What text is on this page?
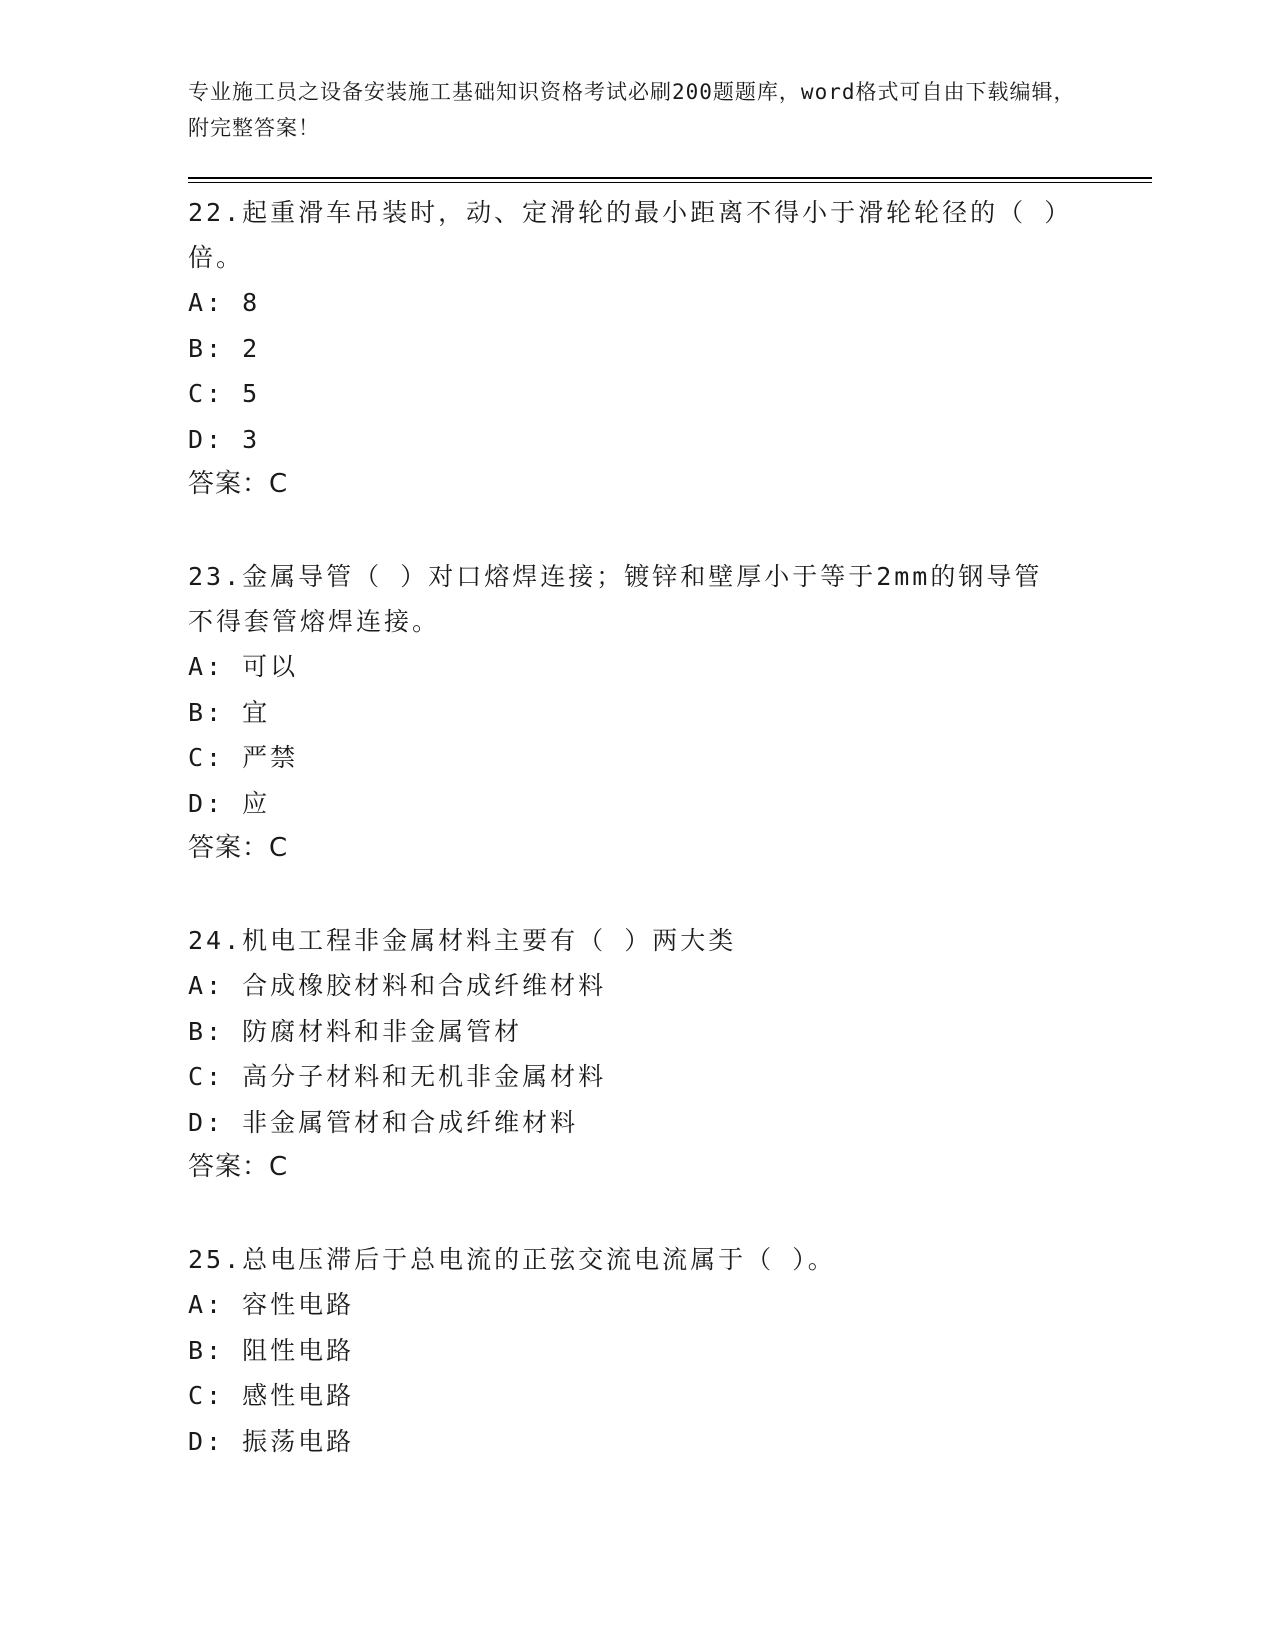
专业施工员之设备安装施工基础知识资格考试必刷200题题库，word格式可自由下载编辑，附完整答案！
22.起重滑车吊装时，动、定滑轮的最小距离不得小于滑轮轮径的（ ）倍。
A: 8
B: 2
C: 5
D: 3
答案：C
23.金属导管（ ）对口熔焊连接；镀锌和壁厚小于等于2mm的钢导管不得套管熔焊连接。
A: 可以
B: 宜
C: 严禁
D: 应
答案：C
24.机电工程非金属材料主要有（ ）两大类
A: 合成橡胶材料和合成纤维材料
B: 防腐材料和非金属管材
C: 高分子材料和无机非金属材料
D: 非金属管材和合成纤维材料
答案：C
25.总电压滞后于总电流的正弦交流电流属于（ ）。
A: 容性电路
B: 阻性电路
C: 感性电路
D: 振荡电路
